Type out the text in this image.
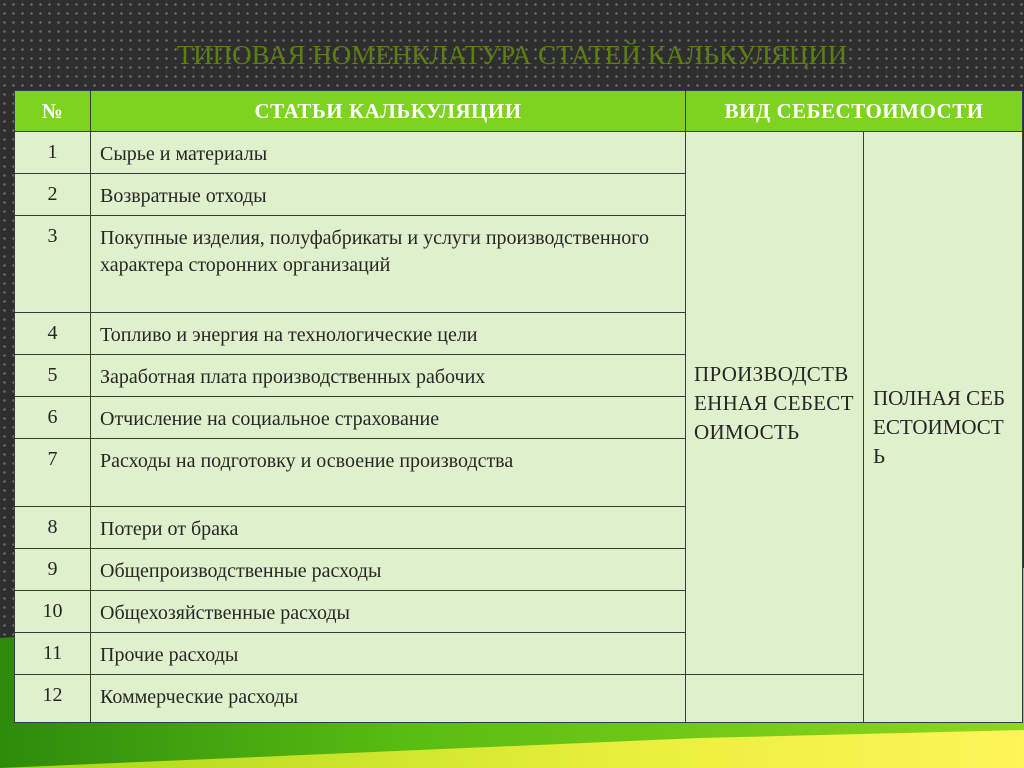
ТИПОВАЯ НОМЕНКЛАТУРА СТАТЕЙ КАЛЬКУЛЯЦИИ
№	СТАТЬИ КАЛЬКУЛЯЦИИ	ВИД СЕБЕСТОИМОСТИ	
1	Сырье и материалы	ПРОИЗВОДСТВЕННАЯ СЕБЕСТОИМОСТЬ	ПОЛНАЯ СЕБЕСТОИМОСТЬ
2	Возвратные отходы		
3	Покупные изделия, полуфабрикаты и услуги производственного характера сторонних организаций		
4	Топливо и энергия на технологические цели		
5	Заработная плата производственных рабочих		
6	Отчисление на социальное страхование		
7	Расходы на подготовку и освоение производства		
8	Потери от брака		
9	Общепроизводственные расходы		
10	Общехозяйственные расходы		
11	Прочие расходы		
12	Коммерческие расходы		
